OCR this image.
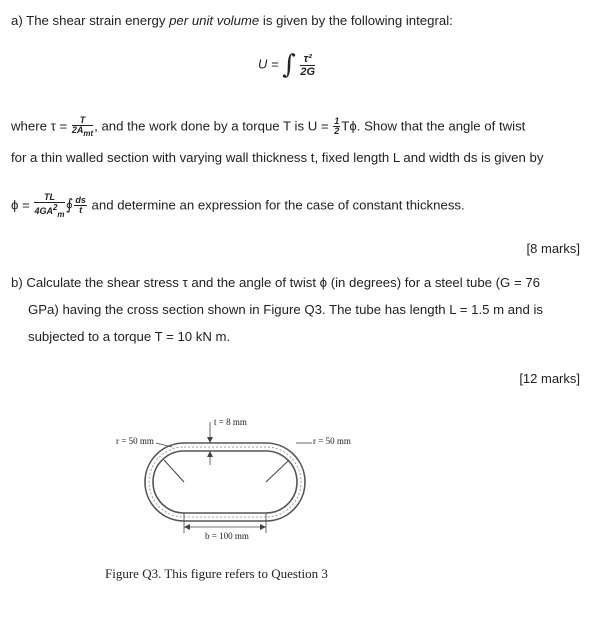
a) The shear strain energy per unit volume is given by the following integral:
U = ∫ $\frac{\text{τ²}}{2G}$
where $\tau = \frac{T}{2A_{mt}}$ , and the work done by a torque T is $U = \frac{1}{2} T\phi$. Show that the angle of twist
for a thin walled section with varying wall thickness t, fixed length L and width ds is given by
$\phi = \frac{TL}{4GA^2_m}$ ∮ $\frac{ds}{t}$ and determine an expression for the case of constant thickness.
[8 marks]
b) Calculate the shear stress τ and the angle of twist ϕ (in degrees) for a steel tube (G = 76
GPa) having the cross section shown in Figure Q3. The tube has length L = 1.5 m and is
subjected to a torque T = 10 kN m.
[12 marks]
t = 8 mm
r = 50 mm	r = 50 mm
b = 100 mm
Figure Q3. This figure refers to Question 3
